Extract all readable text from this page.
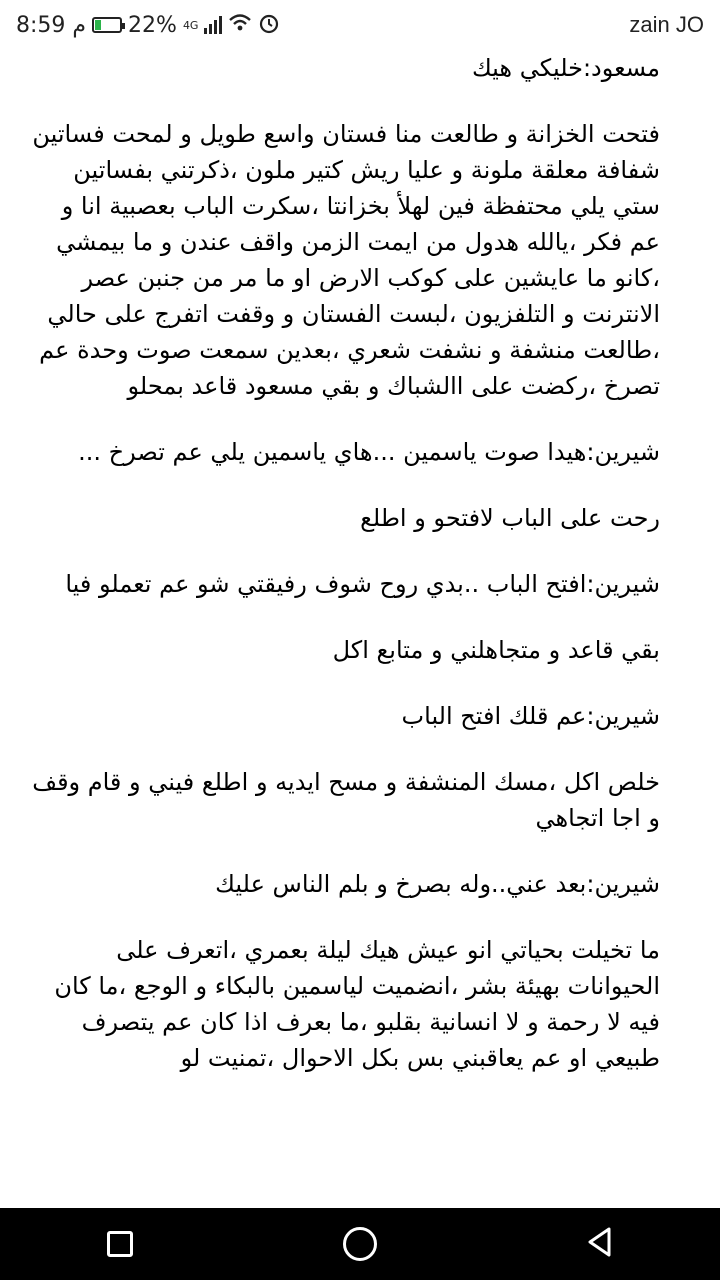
8:59 م 22% 4G	zain JO

مسعود:خليكي هيك

فتحت الخزانة و طالعت منا فستان واسع طويل و لمحت فساتين شفافة معلقة ملونة و عليا ريش كتير ملون ،ذكرتني بفساتين ستي يلي محتفظة فين لهلأ بخزانتا ،سكرت الباب بعصبية انا و عم فكر ،يالله هدول من ايمت الزمن واقف عندن و ما بيمشي ،كانو ما عايشين على كوكب الارض او ما مر من جنبن عصر الانترنت و التلفزيون ،لبست الفستان و وقفت اتفرج على حالي ،طالعت منشفة و نشفت شعري ،بعدين سمعت صوت وحدة عم تصرخ ،ركضت على االشباك و بقي مسعود قاعد بمحلو

شيرين:هيدا صوت ياسمين ...هاي ياسمين يلي عم تصرخ ...

رحت على الباب لافتحو و اطلع

شيرين:افتح الباب ..بدي روح شوف رفيقتي شو عم تعملو فيا

بقي قاعد و متجاهلني و متابع اكل

شيرين:عم قلك افتح الباب

خلص اكل ،مسك المنشفة و مسح ايديه و اطلع فيني و قام وقف و اجا اتجاهي

شيرين:بعد عني..وله بصرخ و بلم الناس عليك

ما تخيلت بحياتي انو عيش هيك ليلة بعمري ،اتعرف على الحيوانات بهيئة بشر ،انضميت لياسمين بالبكاء و الوجع ،ما كان فيه لا رحمة و لا انسانية بقلبو ،ما بعرف اذا كان عم يتصرف طبيعي او عم يعاقبني بس بكل الاحوال ،تمنيت لو
